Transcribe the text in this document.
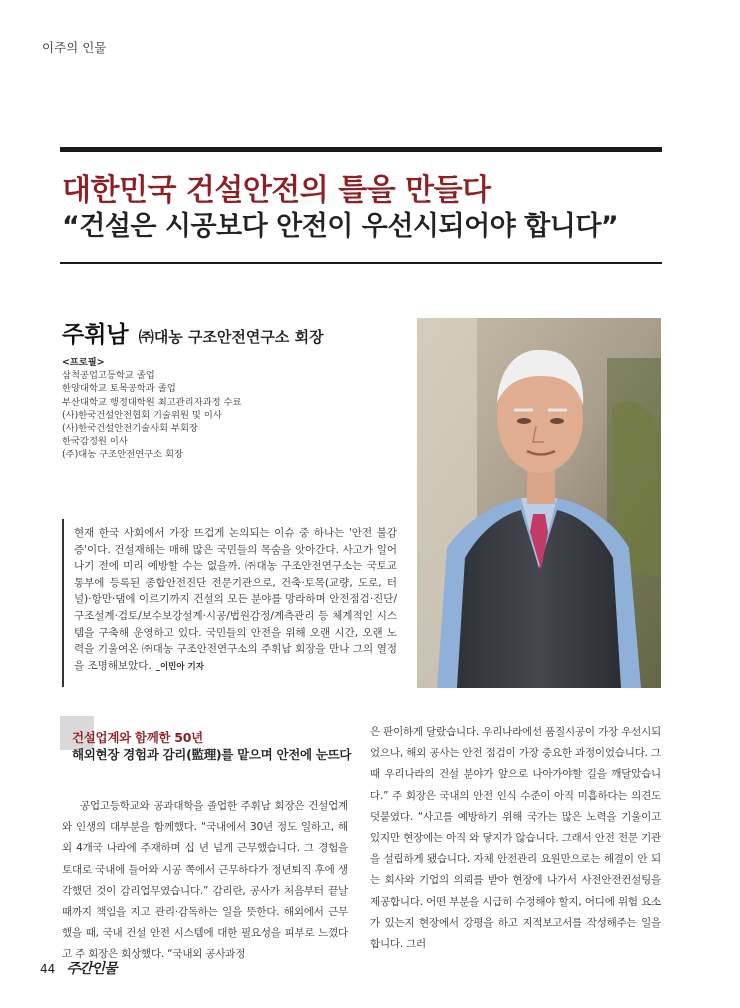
이주의 인물
대한민국 건설안전의 틀을 만들다
“건설은 시공보다 안전이 우선시되어야 합니다”
주휘남 ㈜대농 구조안전연구소 회장
<프로필>
삼척공업고등학교 졸업
한양대학교 토목공학과 졸업
부산대학교 행정대학원 최고관리자과정 수료
(사)한국건설안전협회 기술위원 및 이사
(사)한국건설안전기술사회 부회장
한국감정원 이사
(주)대농 구조안전연구소 회장

현재 한국 사회에서 가장 뜨겁게 논의되는 이슈 중 하나는 '안전 불감증'이다. 건설재해는 매해 많은 국민들의 목숨을 앗아간다. 사고가 일어나기 전에 미리 예방할 수는 없을까. ㈜대농 구조안전연구소는 국토교통부에 등록된 종합안전진단 전문기관으로, 건축·토목(교량, 도로, 터널)·항만·댐에 이르기까지 건설의 모든 분야를 망라하며 안전점검·진단/구조설계·검토/보수보강설계·시공/법원감정/계측관리 등 체계적인 시스템을 구축해 운영하고 있다. 국민들의 안전을 위해 오랜 시간, 오랜 노력을 기울여온 ㈜대농 구조안전연구소의 주휘남 회장을 만나 그의 열정을 조명해보았다. _이민아 기자

건설업계와 함께한 50년
해외현장 경험과 감리(監理)를 맡으며 안전에 눈뜨다

공업고등학교와 공과대학을 졸업한 주휘남 회장은 건설업계와 인생의 대부분을 함께했다. “국내에서 30년 정도 일하고, 해외 4개국 나라에 주재하며 십 년 넘게 근무했습니다. 그 경험을 토대로 국내에 들어와 시공 쪽에서 근무하다가 정년퇴직 후에 생각했던 것이 감리업무였습니다.” 감리란, 공사가 처음부터 끝날 때까지 책임을 지고 관리·감독하는 일을 뜻한다. 해외에서 근무했을 때, 국내 건설 안전 시스템에 대한 필요성을 피부로 느꼈다고 주 회장은 회상했다. “국내외 공사과정

은 판이하게 달랐습니다. 우리나라에선 품질시공이 가장 우선시되었으나, 해외 공사는 안전 점검이 가장 중요한 과정이었습니다. 그때 우리나라의 건설 분야가 앞으로 나아가야할 길을 깨달았습니다.” 주 회장은 국내의 안전 인식 수준이 아직 미흡하다는 의견도 덧붙였다. “사고를 예방하기 위해 국가는 많은 노력을 기울이고 있지만 현장에는 아직 와 닿지가 않습니다. 그래서 안전 전문 기관을 설립하게 됐습니다. 자체 안전관리 요원만으로는 해결이 안 되는 회사와 기업의 의뢰를 받아 현장에 나가서 사전안전컨설팅을 제공합니다. 어떤 부분을 시급히 수정해야 할지, 어디에 위험 요소가 있는지 현장에서 강평을 하고 지적보고서를 작성해주는 일을 합니다. 그러

44 주간인물
